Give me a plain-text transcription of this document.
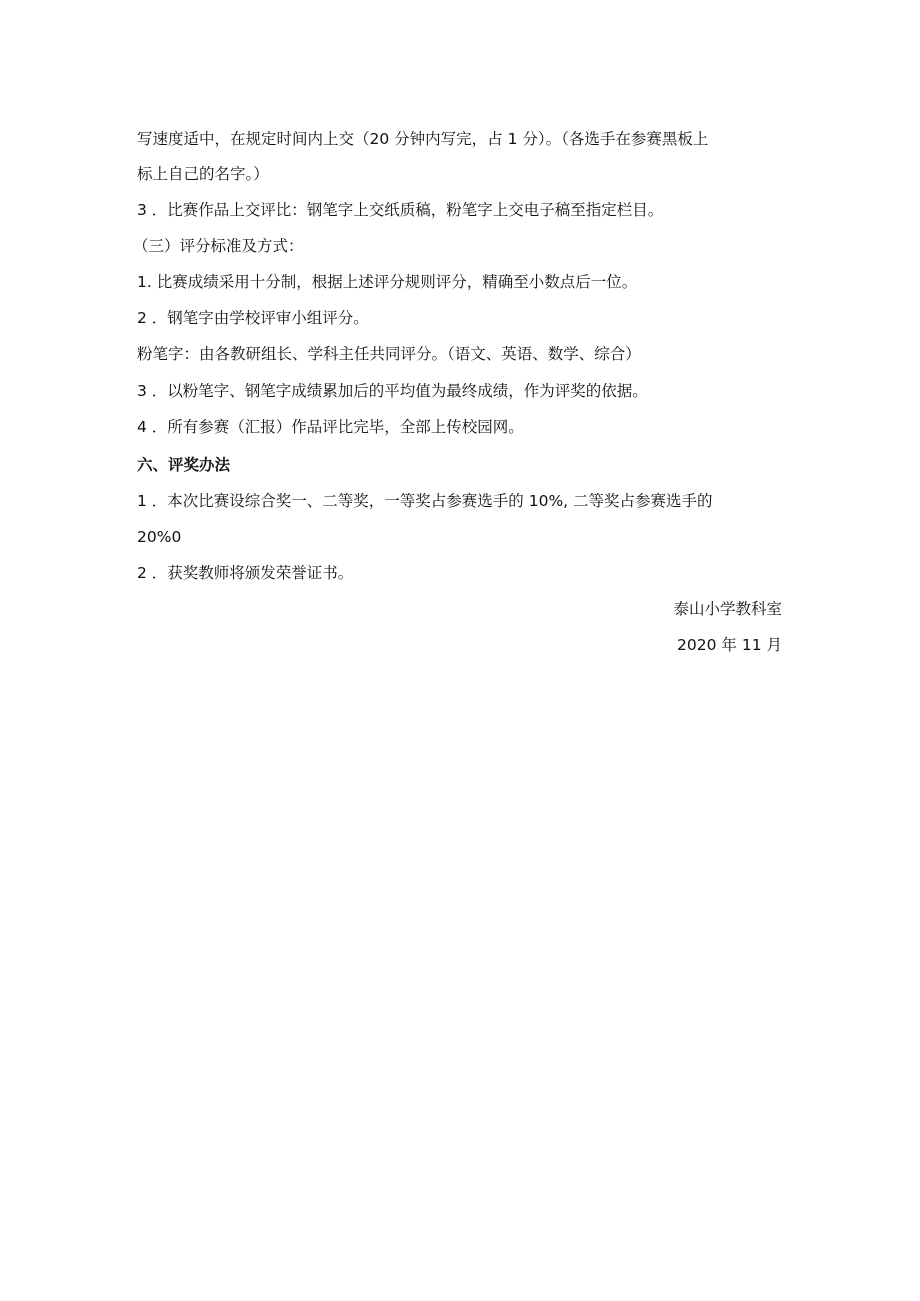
写速度适中，在规定时间内上交（20 分钟内写完，占 1 分）。（各选手在参赛黑板上
标上自己的名字。）
3 ．比赛作品上交评比：钢笔字上交纸质稿，粉笔字上交电子稿至指定栏目。
（三）评分标准及方式：
1. 比赛成绩采用十分制，根据上述评分规则评分，精确至小数点后一位。
2 ．钢笔字由学校评审小组评分。
粉笔字：由各教研组长、学科主任共同评分。（语文、英语、数学、综合）
3 ．以粉笔字、钢笔字成绩累加后的平均值为最终成绩，作为评奖的依据。
4 ．所有参赛（汇报）作品评比完毕，全部上传校园网。
六、评奖办法
1 ．本次比赛设综合奖一、二等奖，一等奖占参赛选手的 10%, 二等奖占参赛选手的
20%0
2 ．获奖教师将颁发荣誉证书。
泰山小学教科室
2020 年 11 月
